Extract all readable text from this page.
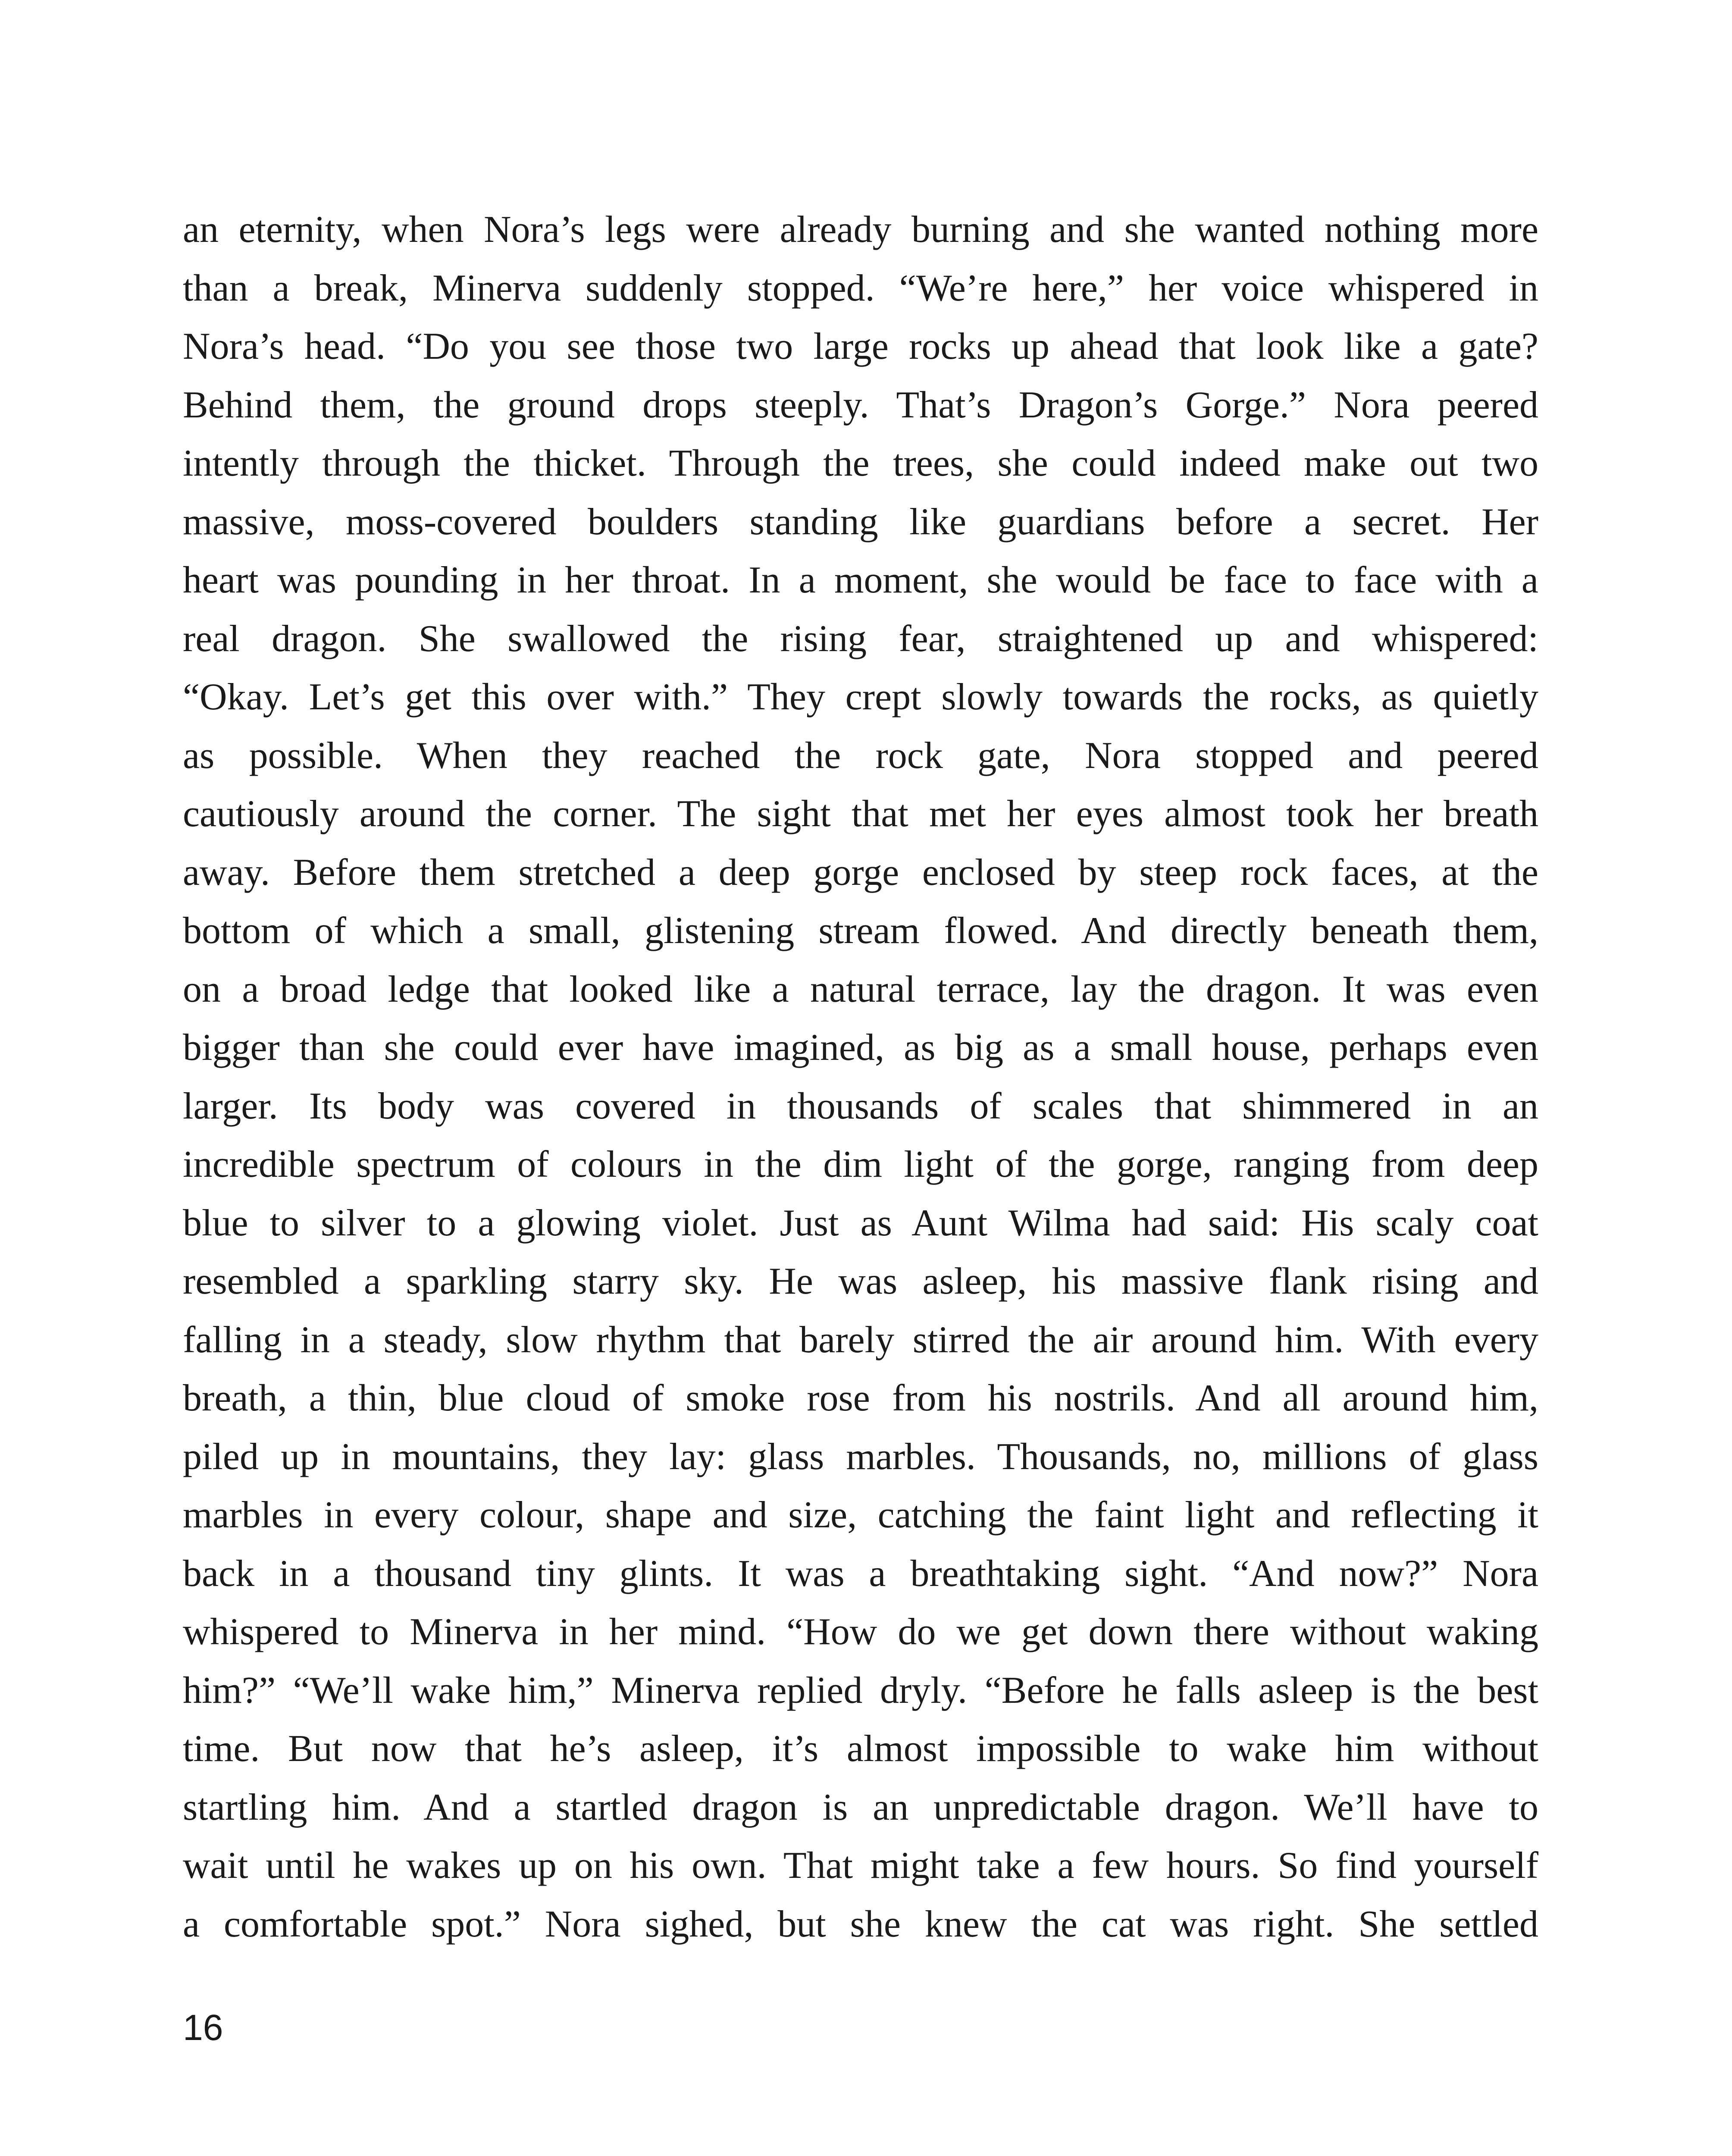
an eternity, when Nora’s legs were already burning and she wanted nothing more
than a break, Minerva suddenly stopped. “We’re here,” her voice whispered in
Nora’s head. “Do you see those two large rocks up ahead that look like a gate?
Behind them, the ground drops steeply. That’s Dragon’s Gorge.” Nora peered
intently through the thicket. Through the trees, she could indeed make out two
massive, moss-covered boulders standing like guardians before a secret. Her
heart was pounding in her throat. In a moment, she would be face to face with a
real dragon. She swallowed the rising fear, straightened up and whispered:
“Okay. Let’s get this over with.” They crept slowly towards the rocks, as quietly
as possible. When they reached the rock gate, Nora stopped and peered
cautiously around the corner. The sight that met her eyes almost took her breath
away. Before them stretched a deep gorge enclosed by steep rock faces, at the
bottom of which a small, glistening stream flowed. And directly beneath them,
on a broad ledge that looked like a natural terrace, lay the dragon. It was even
bigger than she could ever have imagined, as big as a small house, perhaps even
larger. Its body was covered in thousands of scales that shimmered in an
incredible spectrum of colours in the dim light of the gorge, ranging from deep
blue to silver to a glowing violet. Just as Aunt Wilma had said: His scaly coat
resembled a sparkling starry sky. He was asleep, his massive flank rising and
falling in a steady, slow rhythm that barely stirred the air around him. With every
breath, a thin, blue cloud of smoke rose from his nostrils. And all around him,
piled up in mountains, they lay: glass marbles. Thousands, no, millions of glass
marbles in every colour, shape and size, catching the faint light and reflecting it
back in a thousand tiny glints. It was a breathtaking sight. “And now?” Nora
whispered to Minerva in her mind. “How do we get down there without waking
him?” “We’ll wake him,” Minerva replied dryly. “Before he falls asleep is the best
time. But now that he’s asleep, it’s almost impossible to wake him without
startling him. And a startled dragon is an unpredictable dragon. We’ll have to
wait until he wakes up on his own. That might take a few hours. So find yourself
a comfortable spot.” Nora sighed, but she knew the cat was right. She settled
16
